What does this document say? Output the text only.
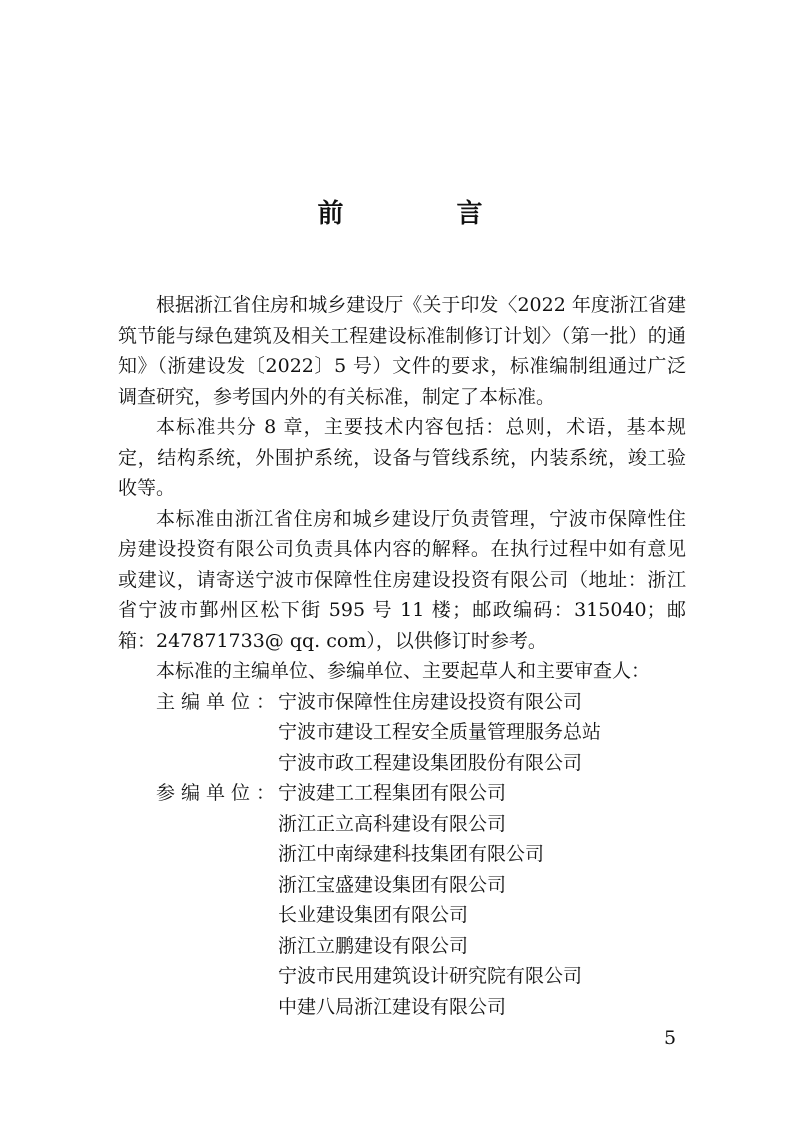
前 言

根据浙江省住房和城乡建设厅《关于印发〈2022 年度浙江省建筑节能与绿色建筑及相关工程建设标准制修订计划〉（第一批）的通知》（浙建设发〔2022〕5 号）文件的要求，标准编制组通过广泛调查研究，参考国内外的有关标准，制定了本标准。

本标准共分 8 章，主要技术内容包括：总则，术语，基本规定，结构系统，外围护系统，设备与管线系统，内装系统，竣工验收等。

本标准由浙江省住房和城乡建设厅负责管理，宁波市保障性住房建设投资有限公司负责具体内容的解释。在执行过程中如有意见或建议，请寄送宁波市保障性住房建设投资有限公司（地址：浙江省宁波市鄞州区松下街 595 号 11 楼；邮政编码：315040；邮箱：247871733@ qq. com），以供修订时参考。

本标准的主编单位、参编单位、主要起草人和主要审查人：

主编单位： 宁波市保障性住房建设投资有限公司
宁波市建设工程安全质量管理服务总站
宁波市政工程建设集团股份有限公司
参编单位： 宁波建工工程集团有限公司
浙江正立高科建设有限公司
浙江中南绿建科技集团有限公司
浙江宝盛建设集团有限公司
长业建设集团有限公司
浙江立鹏建设有限公司
宁波市民用建筑设计研究院有限公司
中建八局浙江建设有限公司
5
